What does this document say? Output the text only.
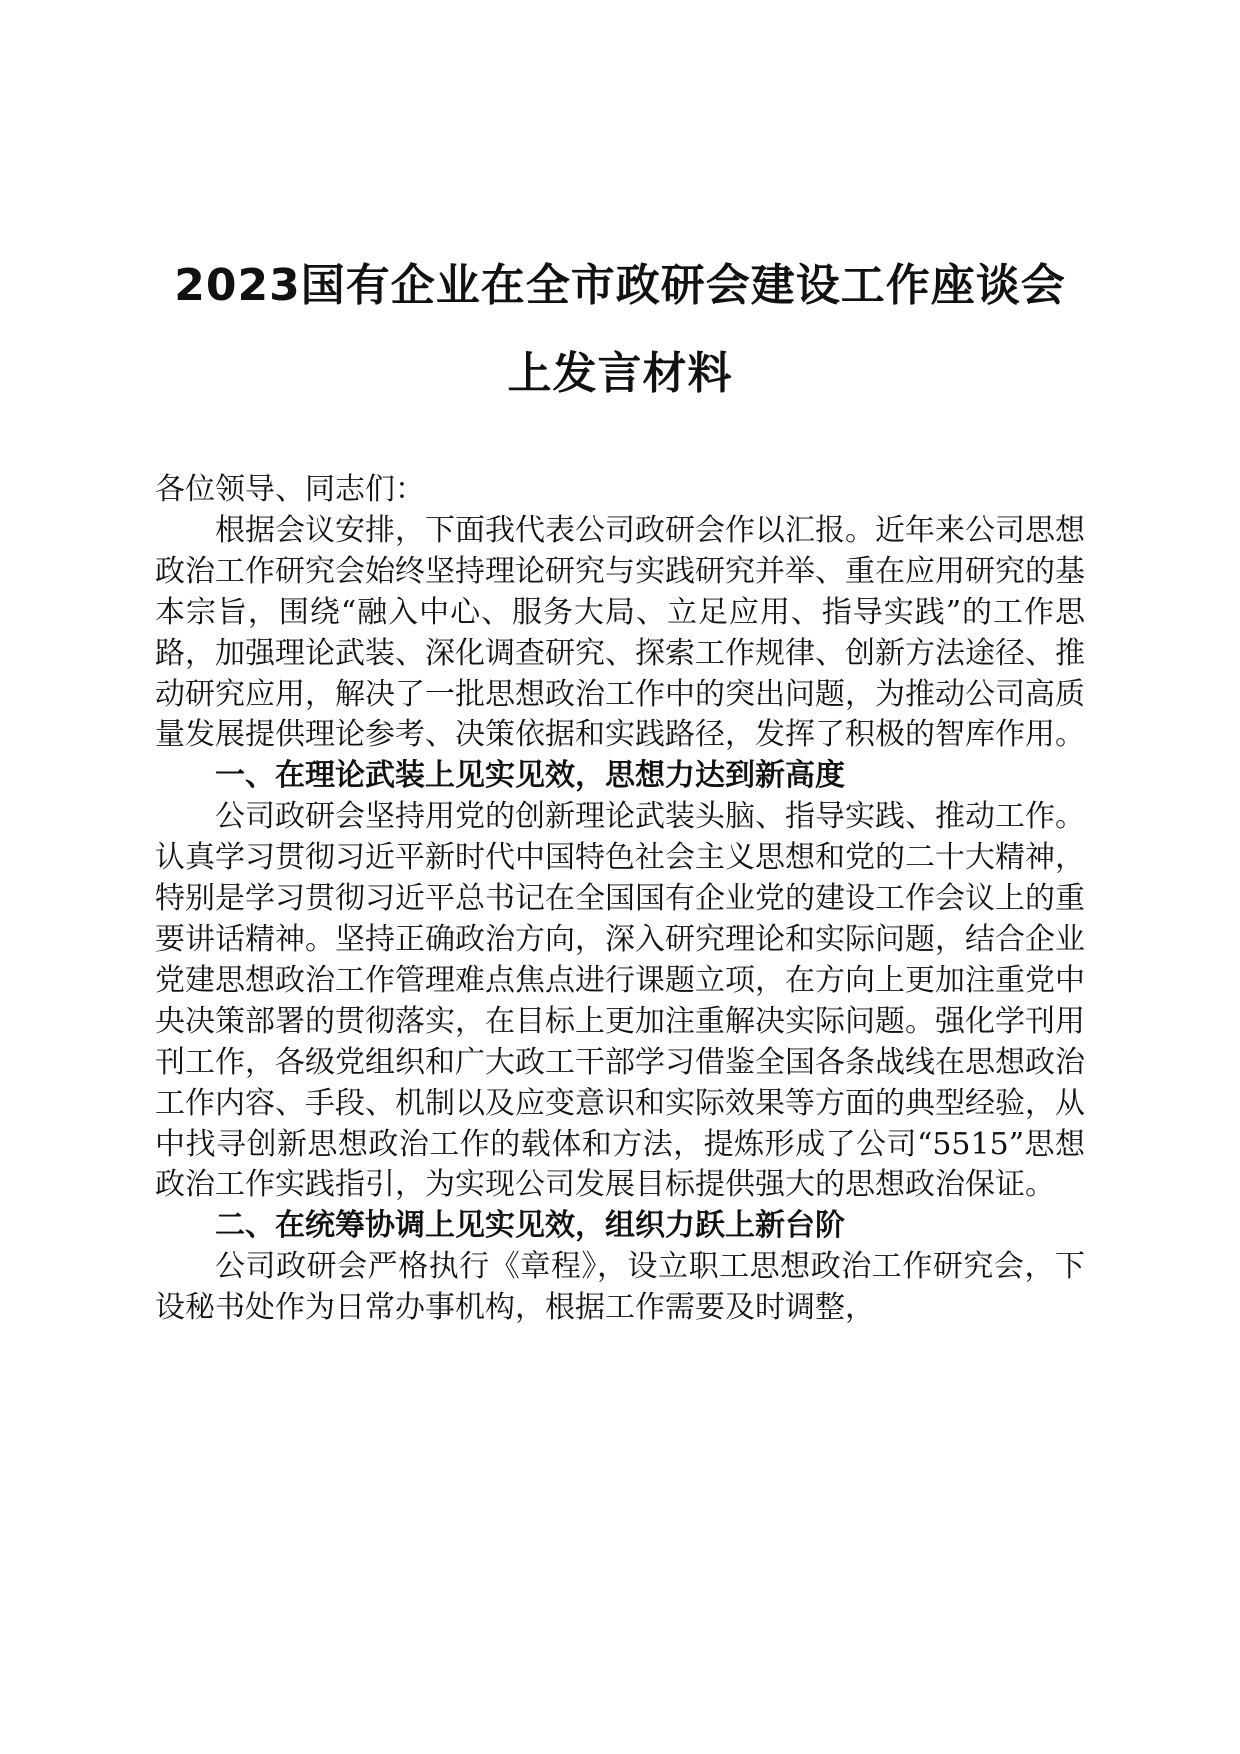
2023国有企业在全市政研会建设工作座谈会
上发言材料

各位领导、同志们：

根据会议安排，下面我代表公司政研会作以汇报。近年来公司思想政治工作研究会始终坚持理论研究与实践研究并举、重在应用研究的基本宗旨，围绕“融入中心、服务大局、立足应用、指导实践”的工作思路，加强理论武装、深化调查研究、探索工作规律、创新方法途径、推动研究应用，解决了一批思想政治工作中的突出问题，为推动公司高质量发展提供理论参考、决策依据和实践路径，发挥了积极的智库作用。

一、在理论武装上见实见效，思想力达到新高度

公司政研会坚持用党的创新理论武装头脑、指导实践、推动工作。认真学习贯彻习近平新时代中国特色社会主义思想和党的二十大精神，特别是学习贯彻习近平总书记在全国国有企业党的建设工作会议上的重要讲话精神。坚持正确政治方向，深入研究理论和实际问题，结合企业党建思想政治工作管理难点焦点进行课题立项，在方向上更加注重党中央决策部署的贯彻落实，在目标上更加注重解决实际问题。强化学刊用刊工作，各级党组织和广大政工干部学习借鉴全国各条战线在思想政治工作内容、手段、机制以及应变意识和实际效果等方面的典型经验，从中找寻创新思想政治工作的载体和方法，提炼形成了公司“5515”思想政治工作实践指引，为实现公司发展目标提供强大的思想政治保证。

二、在统筹协调上见实见效，组织力跃上新台阶

公司政研会严格执行《章程》，设立职工思想政治工作研究会，下设秘书处作为日常办事机构，根据工作需要及时调整，
